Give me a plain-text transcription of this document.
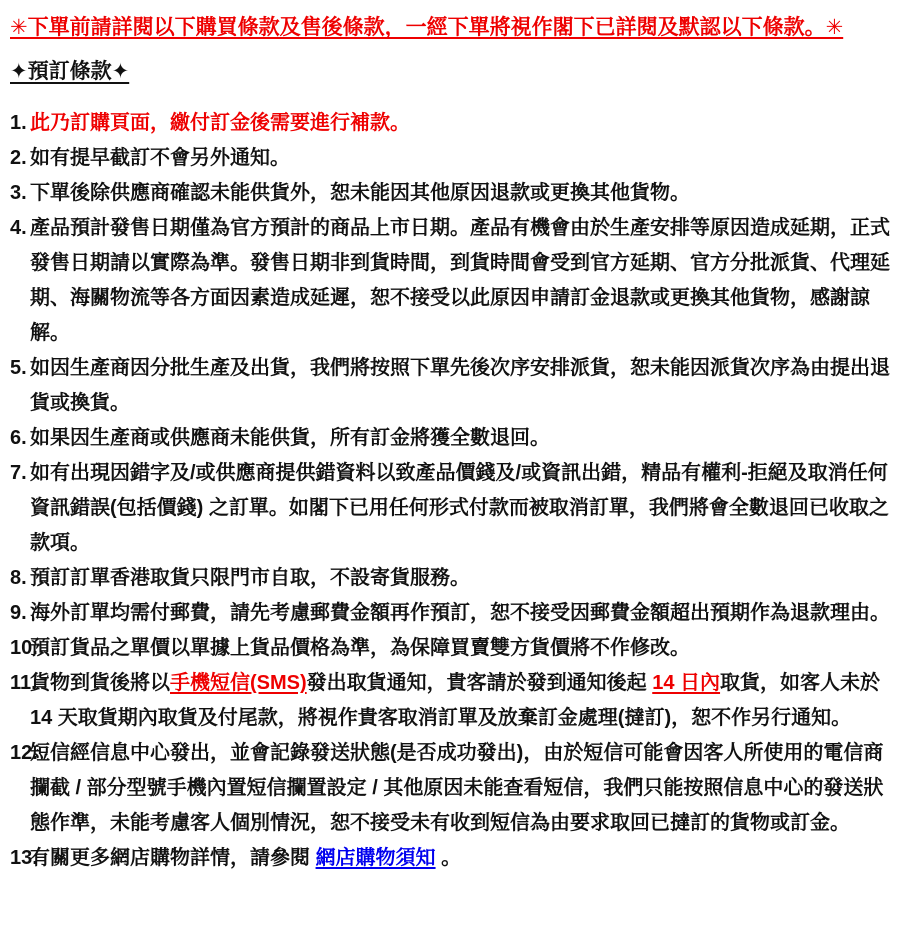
✳下單前請詳閱以下購買條款及售後條款，一經下單將視作閣下已詳閱及默認以下條款。✳
✦預訂條款✦
1. 此乃訂購頁面，繳付訂金後需要進行補款。
2. 如有提早截訂不會另外通知。
3. 下單後除供應商確認未能供貨外，恕未能因其他原因退款或更換其他貨物。
4. 產品預計發售日期僅為官方預計的商品上市日期。產品有機會由於生產安排等原因造成延期，正式發售日期請以實際為準。發售日期非到貨時間，到貨時間會受到官方延期、官方分批派貨、代理延期、海關物流等各方面因素造成延遲，恕不接受以此原因申請訂金退款或更換其他貨物，感謝諒解。
5. 如因生產商因分批生產及出貨，我們將按照下單先後次序安排派貨，恕未能因派貨次序為由提出退貨或換貨。
6. 如果因生產商或供應商未能供貨，所有訂金將獲全數退回。
7. 如有出現因錯字及/或供應商提供錯資料以致產品價錢及/或資訊出錯，精品有權利-拒絕及取消任何資訊錯誤(包括價錢) 之訂單。如閣下已用任何形式付款而被取消訂單，我們將會全數退回已收取之款項。
8. 預訂訂單香港取貨只限門市自取，不設寄貨服務。
9. 海外訂單均需付郵費，請先考慮郵費金額再作預訂，恕不接受因郵費金額超出預期作為退款理由。
10.
預訂貨品之單價以單據上貨品價格為準，為保障買賣雙方貨價將不作修改。
11.
貨物到貨後將以手機短信(SMS)發出取貨通知，貴客請於發到通知後起 14 日內取貨，如客人未於 14 天取貨期內取貨及付尾款，將視作貴客取消訂單及放棄訂金處理(撻訂)，恕不作另行通知。
12.
短信經信息中心發出，並會記錄發送狀態(是否成功發出)，由於短信可能會因客人所使用的電信商攔截 / 部分型號手機內置短信攔置設定 / 其他原因未能查看短信，我們只能按照信息中心的發送狀態作準，未能考慮客人個別情況，恕不接受未有收到短信為由要求取回已撻訂的貨物或訂金。
13.
有關更多網店購物詳情，請參閱 網店購物須知 。
